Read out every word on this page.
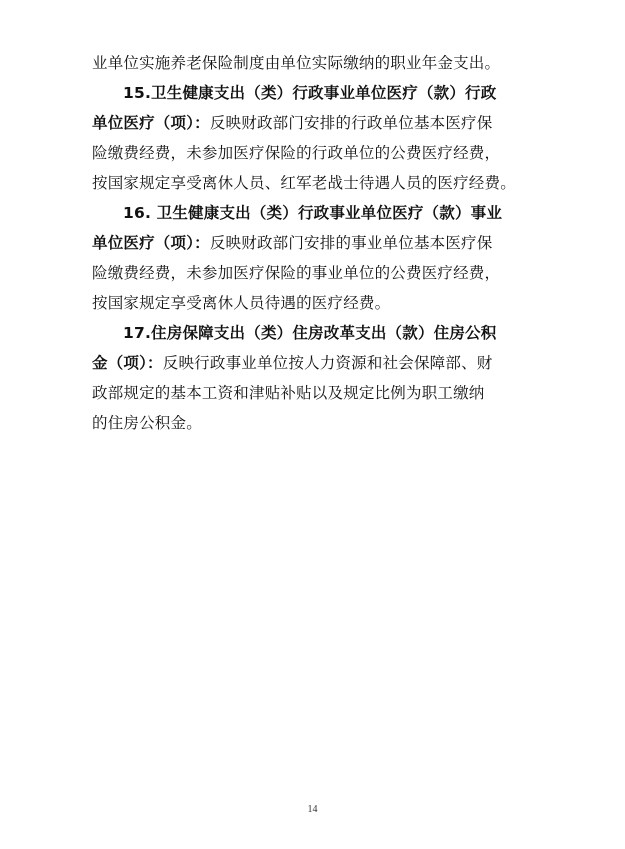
业单位实施养老保险制度由单位实际缴纳的职业年金支出。
15.卫生健康支出（类）行政事业单位医疗（款）行政
单位医疗（项）：反映财政部门安排的行政单位基本医疗保
险缴费经费，未参加医疗保险的行政单位的公费医疗经费，
按国家规定享受离休人员、红军老战士待遇人员的医疗经费。
16. 卫生健康支出（类）行政事业单位医疗（款）事业
单位医疗（项）：反映财政部门安排的事业单位基本医疗保
险缴费经费，未参加医疗保险的事业单位的公费医疗经费，
按国家规定享受离休人员待遇的医疗经费。
17.住房保障支出（类）住房改革支出（款）住房公积
金（项）：反映行政事业单位按人力资源和社会保障部、财
政部规定的基本工资和津贴补贴以及规定比例为职工缴纳
的住房公积金。
14
